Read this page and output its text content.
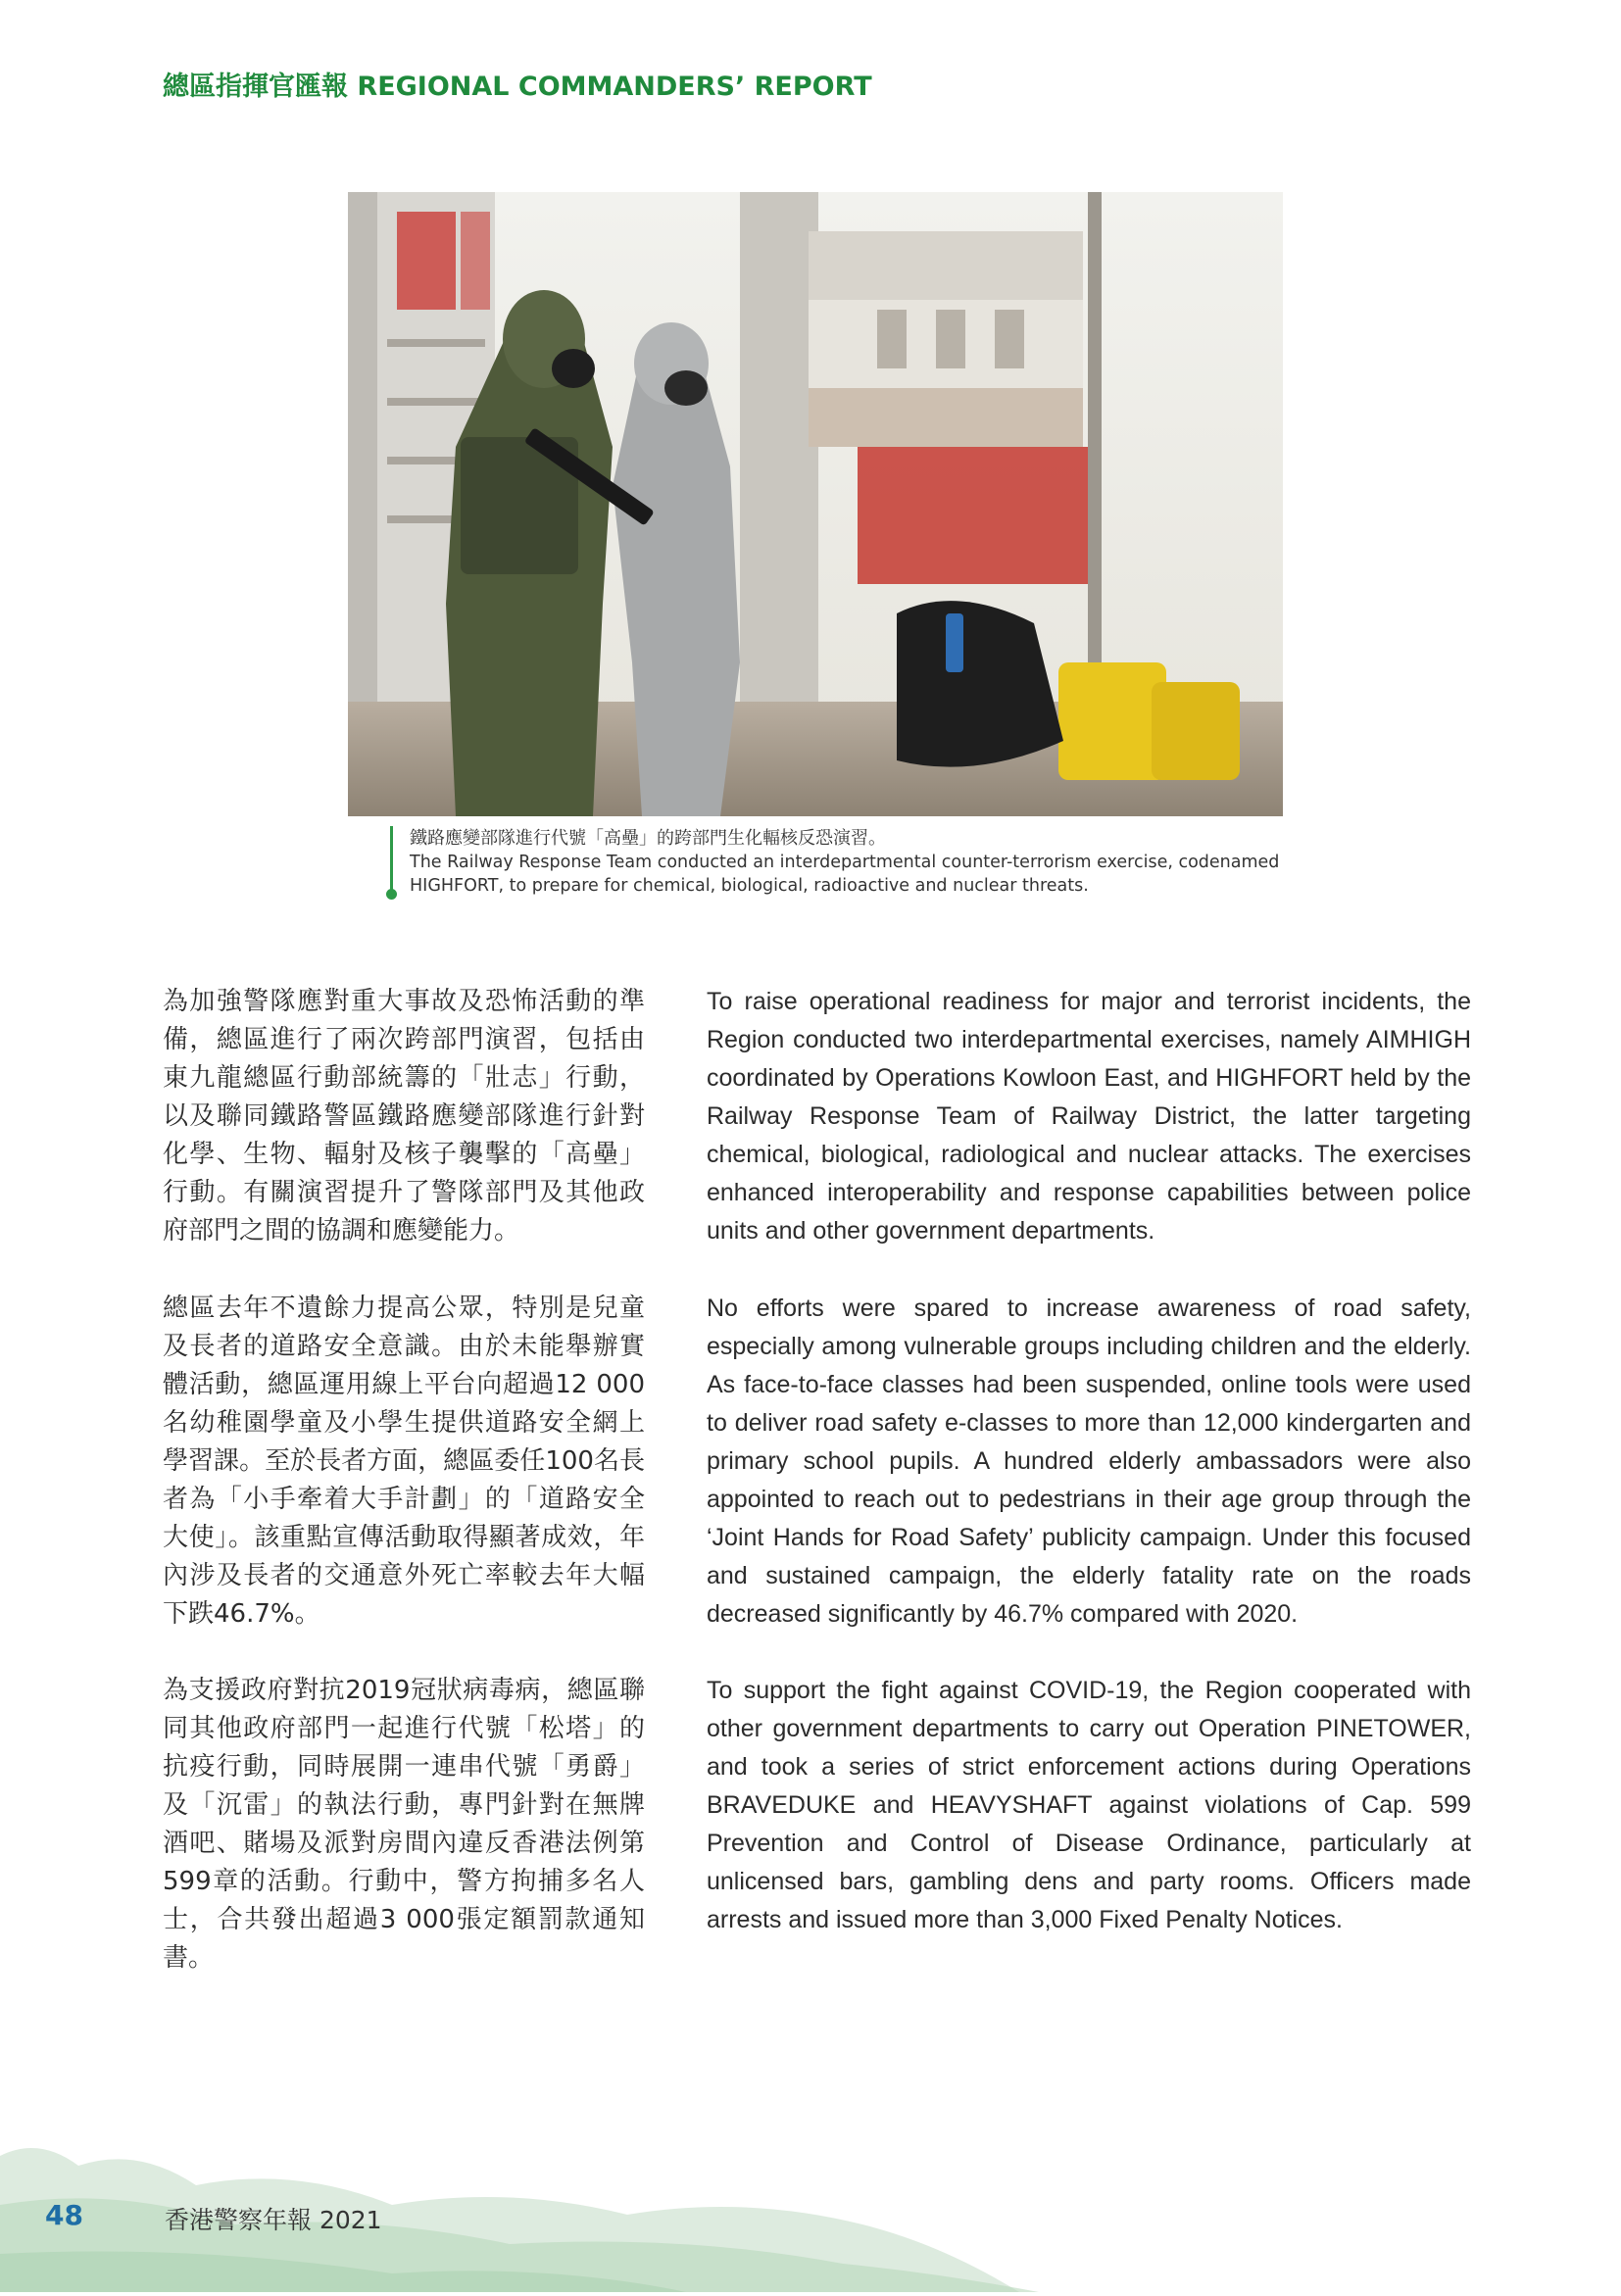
總區指揮官匯報 REGIONAL COMMANDERS’ REPORT
鐵路應變部隊進行代號「高壘」的跨部門生化輻核反恐演習。
The Railway Response Team conducted an interdepartmental counter-terrorism exercise, codenamed HIGHFORT, to prepare for chemical, biological, radioactive and nuclear threats.
為加強警隊應對重大事故及恐怖活動的準備，總區進行了兩次跨部門演習，包括由東九龍總區行動部統籌的「壯志」行動，以及聯同鐵路警區鐵路應變部隊進行針對化學、生物、輻射及核子襲擊的「高壘」行動。有關演習提升了警隊部門及其他政府部門之間的協調和應變能力。
總區去年不遺餘力提高公眾，特別是兒童及長者的道路安全意識。由於未能舉辦實體活動，總區運用線上平台向超過12 000名幼稚園學童及小學生提供道路安全網上學習課。至於長者方面，總區委任100名長者為「小手牽着大手計劃」的「道路安全大使」。該重點宣傳活動取得顯著成效，年內涉及長者的交通意外死亡率較去年大幅下跌46.7%。
為支援政府對抗2019冠狀病毒病，總區聯同其他政府部門一起進行代號「松塔」的抗疫行動，同時展開一連串代號「勇爵」及「沉雷」的執法行動，專門針對在無牌酒吧、賭場及派對房間內違反香港法例第599章的活動。行動中，警方拘捕多名人士，合共發出超過3 000張定額罰款通知書。
To raise operational readiness for major and terrorist incidents, the Region conducted two interdepartmental exercises, namely AIMHIGH coordinated by Operations Kowloon East, and HIGHFORT held by the Railway Response Team of Railway District, the latter targeting chemical, biological, radiological and nuclear attacks. The exercises enhanced interoperability and response capabilities between police units and other government departments.
No efforts were spared to increase awareness of road safety, especially among vulnerable groups including children and the elderly. As face-to-face classes had been suspended, online tools were used to deliver road safety e-classes to more than 12,000 kindergarten and primary school pupils. A hundred elderly ambassadors were also appointed to reach out to pedestrians in their age group through the ‘Joint Hands for Road Safety’ publicity campaign. Under this focused and sustained campaign, the elderly fatality rate on the roads decreased significantly by 46.7% compared with 2020.
To support the fight against COVID-19, the Region cooperated with other government departments to carry out Operation PINETOWER, and took a series of strict enforcement actions during Operations BRAVEDUKE and HEAVYSHAFT against violations of Cap. 599 Prevention and Control of Disease Ordinance, particularly at unlicensed bars, gambling dens and party rooms. Officers made arrests and issued more than 3,000 Fixed Penalty Notices.
48	香港警察年報 2021
